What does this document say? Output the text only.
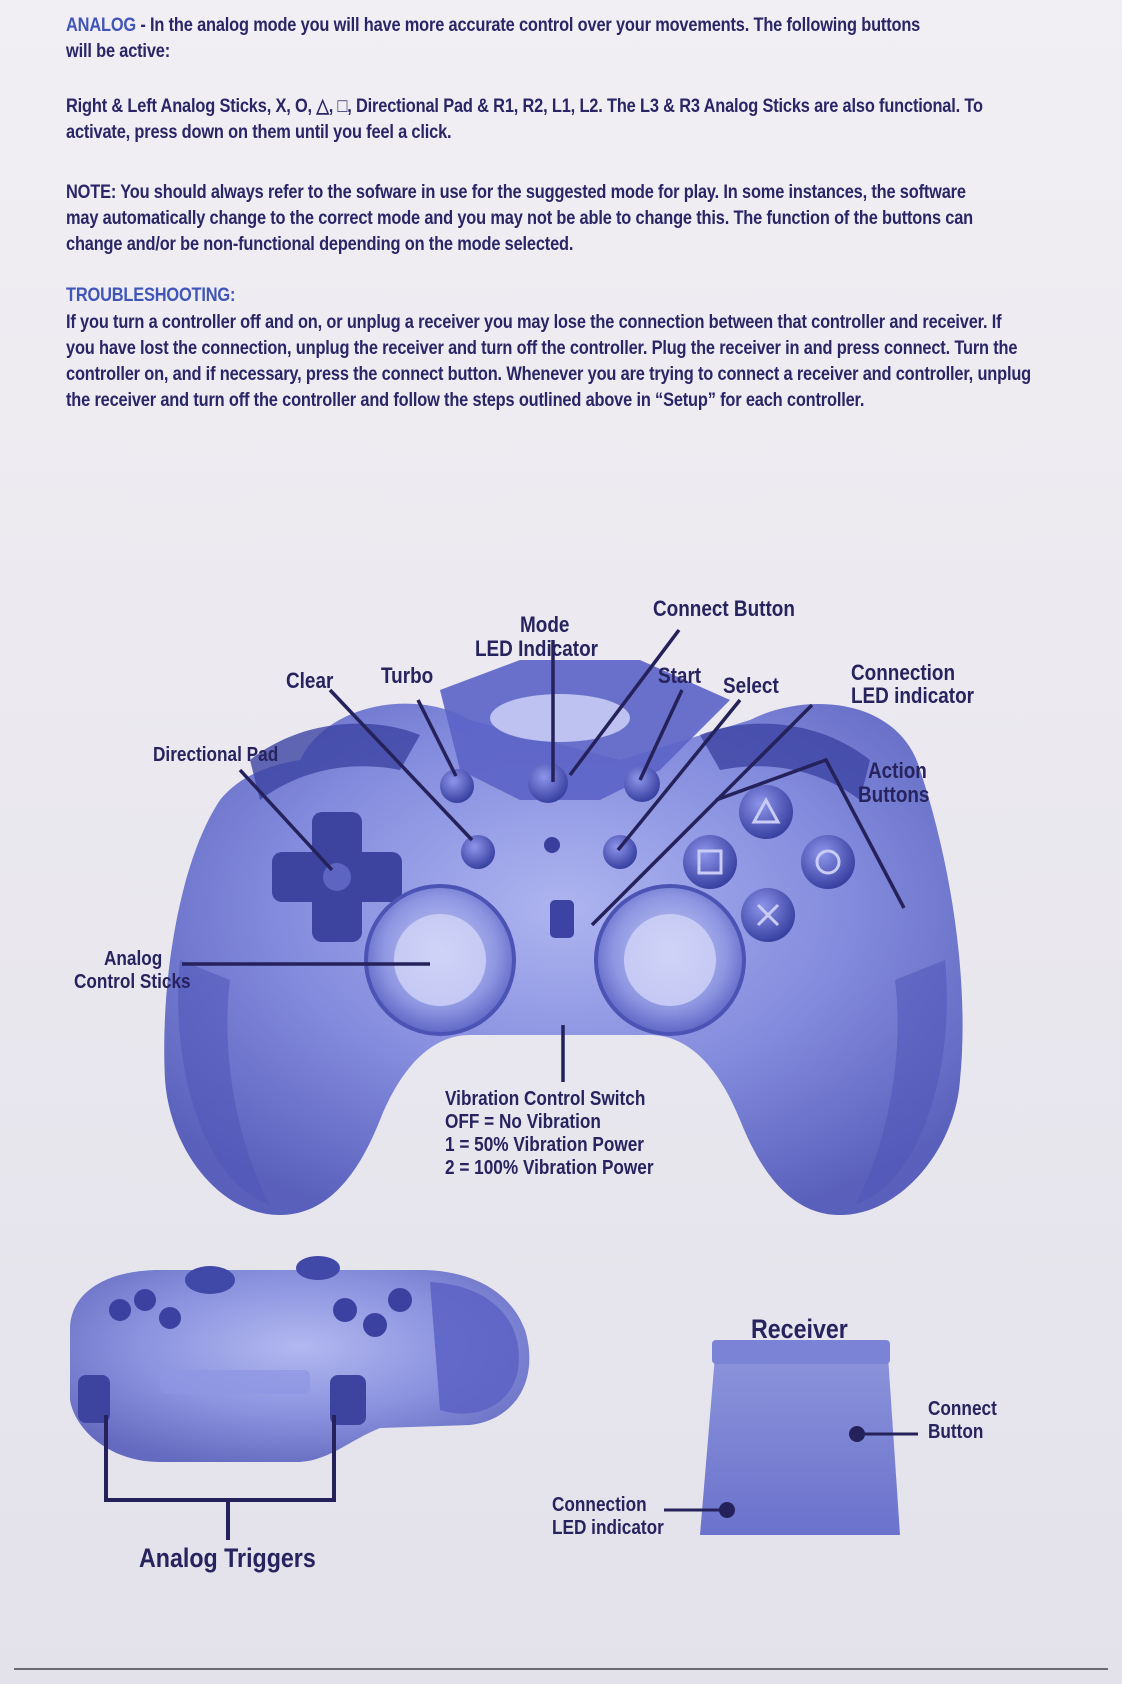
ANALOG - In the analog mode you will have more accurate control over your movements. The following buttons will be active:
Right & Left Analog Sticks, X, O, △, □, Directional Pad & R1, R2, L1, L2. The L3 & R3 Analog Sticks are also functional. To activate, press down on them until you feel a click.
NOTE: You should always refer to the sofware in use for the suggested mode for play. In some instances, the software may automatically change to the correct mode and you may not be able to change this. The function of the buttons can change and/or be non-functional depending on the mode selected.
TROUBLESHOOTING:
If you turn a controller off and on, or unplug a receiver you may lose the connection between that controller and receiver. If you have lost the connection, unplug the receiver and turn off the controller. Plug the receiver in and press connect. Turn the controller on, and if necessary, press the connect button. Whenever you are trying to connect a receiver and controller, unplug the receiver and turn off the controller and follow the steps outlined above in “Setup” for each controller.
Connect Button
Mode
LED Indicator
Clear Turbo	Start Select
Connection
LED indicator
Directional Pad
Action
Buttons
Analog
Control Sticks
Vibration Control Switch
OFF = No Vibration
1 = 50% Vibration Power
2 = 100% Vibration Power
Receiver
Connect
Button
Connection
LED indicator
Analog Triggers
